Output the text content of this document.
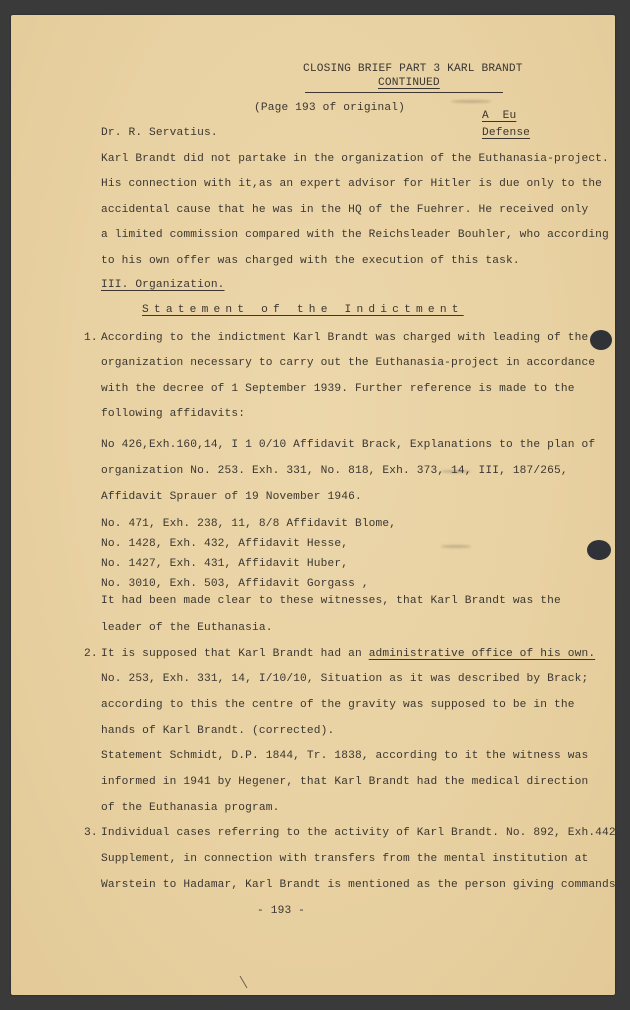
CLOSING BRIEF PART 3 KARL BRANDT
CONTINUED
(Page 193 of original)
A  Eu
Dr. R. Servatius.	Defense
Karl Brandt did not partake in the organization of the Euthanasia-project.
His connection with it,as an expert advisor for Hitler is due only to the
accidental cause that he was in the HQ of the Fuehrer. He received only
a limited commission compared with the Reichsleader Bouhler, who according
to his own offer was charged with the execution of this task.
III. Organization.
Statement of the Indictment
1. According to the indictment Karl Brandt was charged with leading of the
organization necessary to carry out the Euthanasia-project in accordance
with the decree of 1 September 1939. Further reference is made to the
following affidavits:
No 426,Exh.160,14, I 1 0/10 Affidavit Brack, Explanations to the plan of
organization No. 253. Exh. 331, No. 818, Exh. 373, 14, III, 187/265,
Affidavit Sprauer of 19 November 1946.
No. 471, Exh. 238, 11, 8/8 Affidavit Blome,
No. 1428, Exh. 432, Affidavit Hesse,
No. 1427, Exh. 431, Affidavit Huber,
No. 3010, Exh. 503, Affidavit Gorgass ,
It had been made clear to these witnesses, that Karl Brandt was the
leader of the Euthanasia.
2. It is supposed that Karl Brandt had an administrative office of his own.
No. 253, Exh. 331, 14, I/10/10, Situation as it was described by Brack;
according to this the centre of the gravity was supposed to be in the
hands of Karl Brandt. (corrected).
Statement Schmidt, D.P. 1844, Tr. 1838, according to it the witness was
informed in 1941 by Hegener, that Karl Brandt had the medical direction
of the Euthanasia program.
3. Individual cases referring to the activity of Karl Brandt. No. 892, Exh.442,
Supplement, in connection with transfers from the mental institution at
Warstein to Hadamar, Karl Brandt is mentioned as the person giving commands.
- 193 -
